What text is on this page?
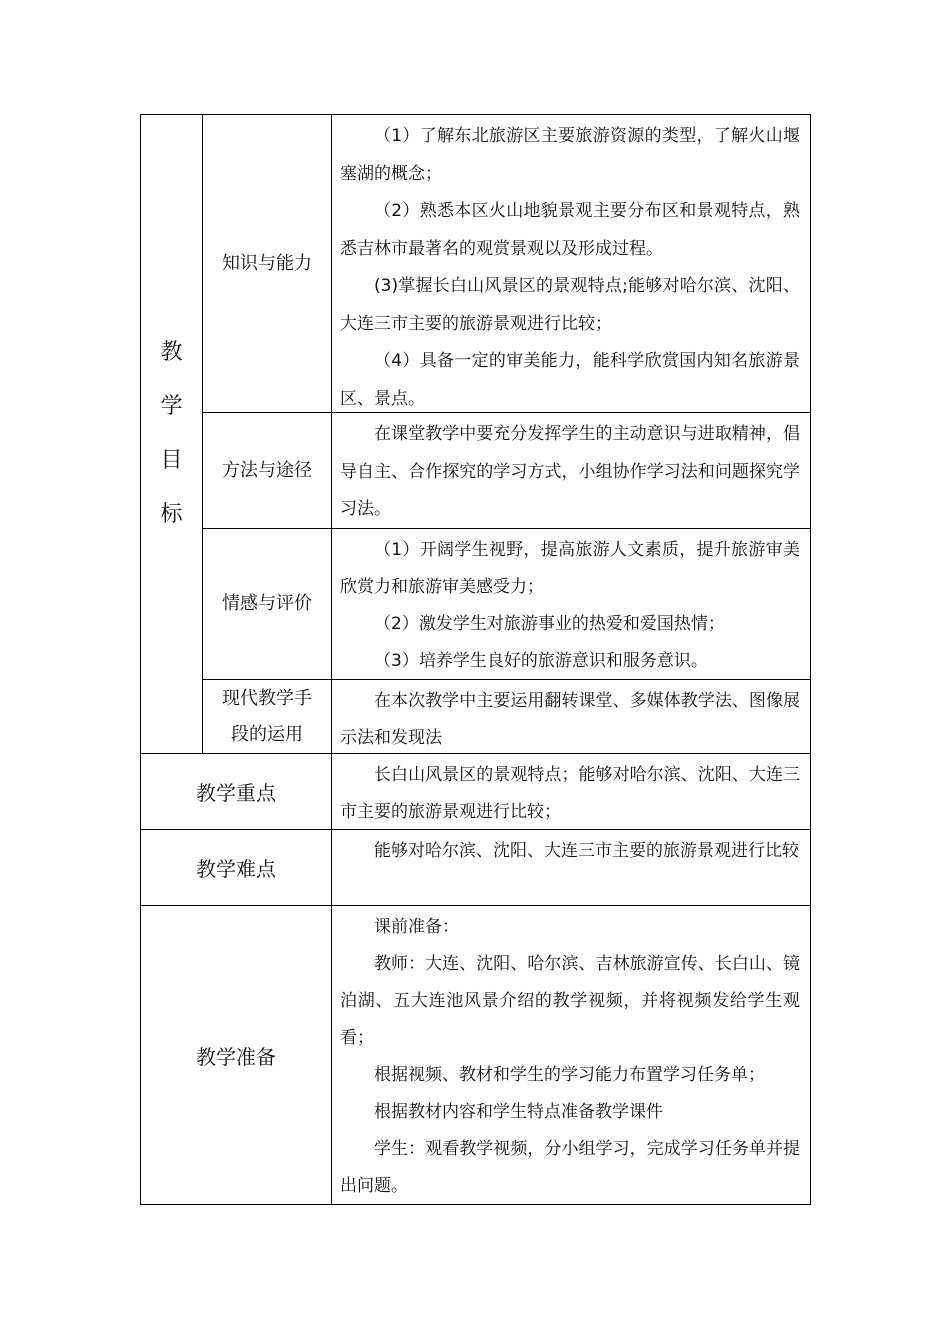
教
学
目
标
知识与能力

（1）了解东北旅游区主要旅游资源的类型，了解火山堰塞湖的概念；

（2）熟悉本区火山地貌景观主要分布区和景观特点，熟悉吉林市最著名的观赏景观以及形成过程。

(3)掌握长白山风景区的景观特点;能够对哈尔滨、沈阳、大连三市主要的旅游景观进行比较；

（4）具备一定的审美能力，能科学欣赏国内知名旅游景区、景点。

方法与途径

在课堂教学中要充分发挥学生的主动意识与进取精神，倡导自主、合作探究的学习方式，小组协作学习法和问题探究学习法。

情感与评价

（1）开阔学生视野，提高旅游人文素质，提升旅游审美欣赏力和旅游审美感受力；

（2）激发学生对旅游事业的热爱和爱国热情；

（3）培养学生良好的旅游意识和服务意识。

现代教学手
段的运用

在本次教学中主要运用翻转课堂、多媒体教学法、图像展示法和发现法

教学重点

长白山风景区的景观特点；能够对哈尔滨、沈阳、大连三市主要的旅游景观进行比较；

教学难点

能够对哈尔滨、沈阳、大连三市主要的旅游景观进行比较

教学准备

课前准备：

教师：大连、沈阳、哈尔滨、吉林旅游宣传、长白山、镜泊湖、五大连池风景介绍的教学视频，并将视频发给学生观看；

根据视频、教材和学生的学习能力布置学习任务单；

根据教材内容和学生特点准备教学课件

学生：观看教学视频，分小组学习，完成学习任务单并提出问题。
